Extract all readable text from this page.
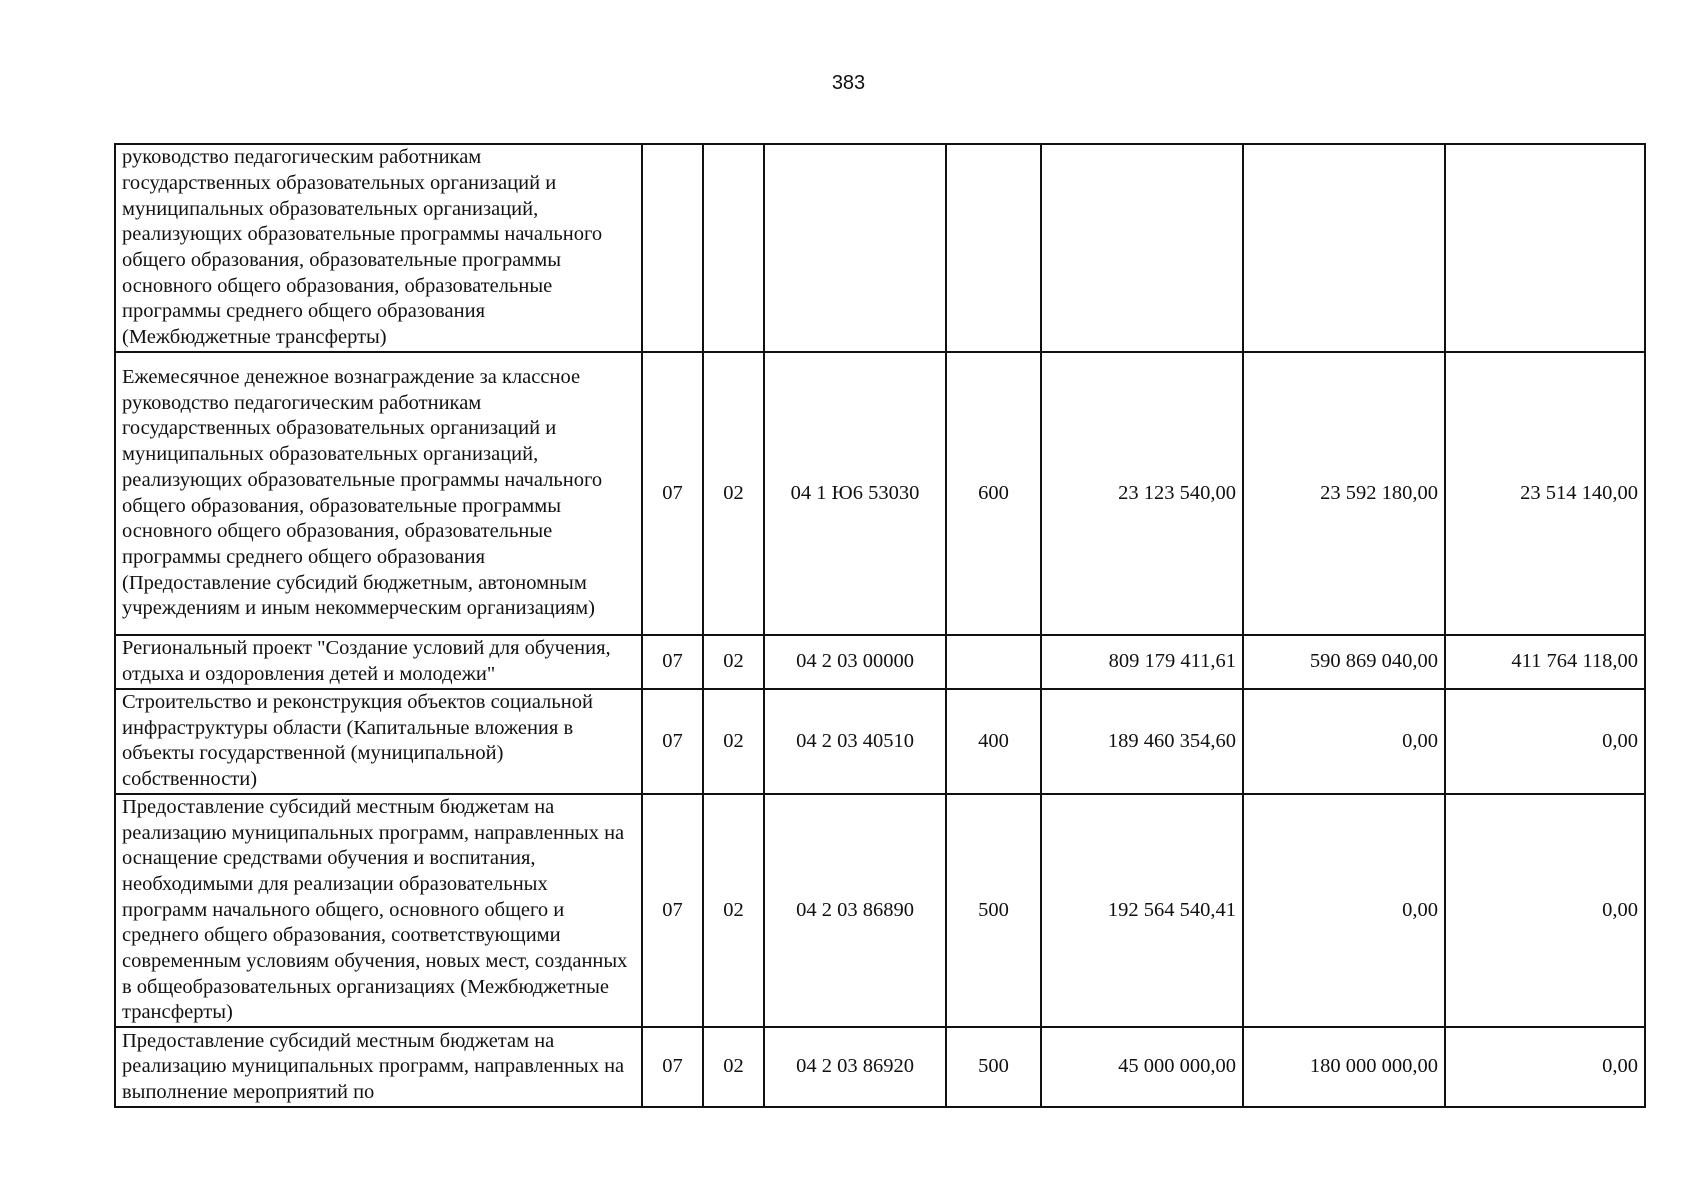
383
руководство педагогическим работникам государственных образовательных организаций и муниципальных образовательных организаций, реализующих образовательные программы начального общего образования, образовательные программы основного общего образования, образовательные программы среднего общего образования (Межбюджетные трансферты)							
Ежемесячное денежное вознаграждение за классное руководство педагогическим работникам государственных образовательных организаций и муниципальных образовательных организаций, реализующих образовательные программы начального общего образования, образовательные программы основного общего образования, образовательные программы среднего общего образования (Предоставление субсидий бюджетным, автономным учреждениям и иным некоммерческим организациям)	07	02	04 1 Ю6 53030	600	23 123 540,00	23 592 180,00	23 514 140,00
Региональный проект "Создание условий для обучения, отдыха и оздоровления детей и молодежи"	07	02	04 2 03 00000		809 179 411,61	590 869 040,00	411 764 118,00
Строительство и реконструкция объектов социальной инфраструктуры области (Капитальные вложения в объекты государственной (муниципальной) собственности)	07	02	04 2 03 40510	400	189 460 354,60	0,00	0,00
Предоставление субсидий местным бюджетам на реализацию муниципальных программ, направленных на оснащение средствами обучения и воспитания, необходимыми для реализации образовательных программ начального общего, основного общего и среднего общего образования, соответствующими современным условиям обучения, новых мест, созданных в общеобразовательных организациях (Межбюджетные трансферты)	07	02	04 2 03 86890	500	192 564 540,41	0,00	0,00
Предоставление субсидий местным бюджетам на реализацию муниципальных программ, направленных на выполнение мероприятий по	07	02	04 2 03 86920	500	45 000 000,00	180 000 000,00	0,00
